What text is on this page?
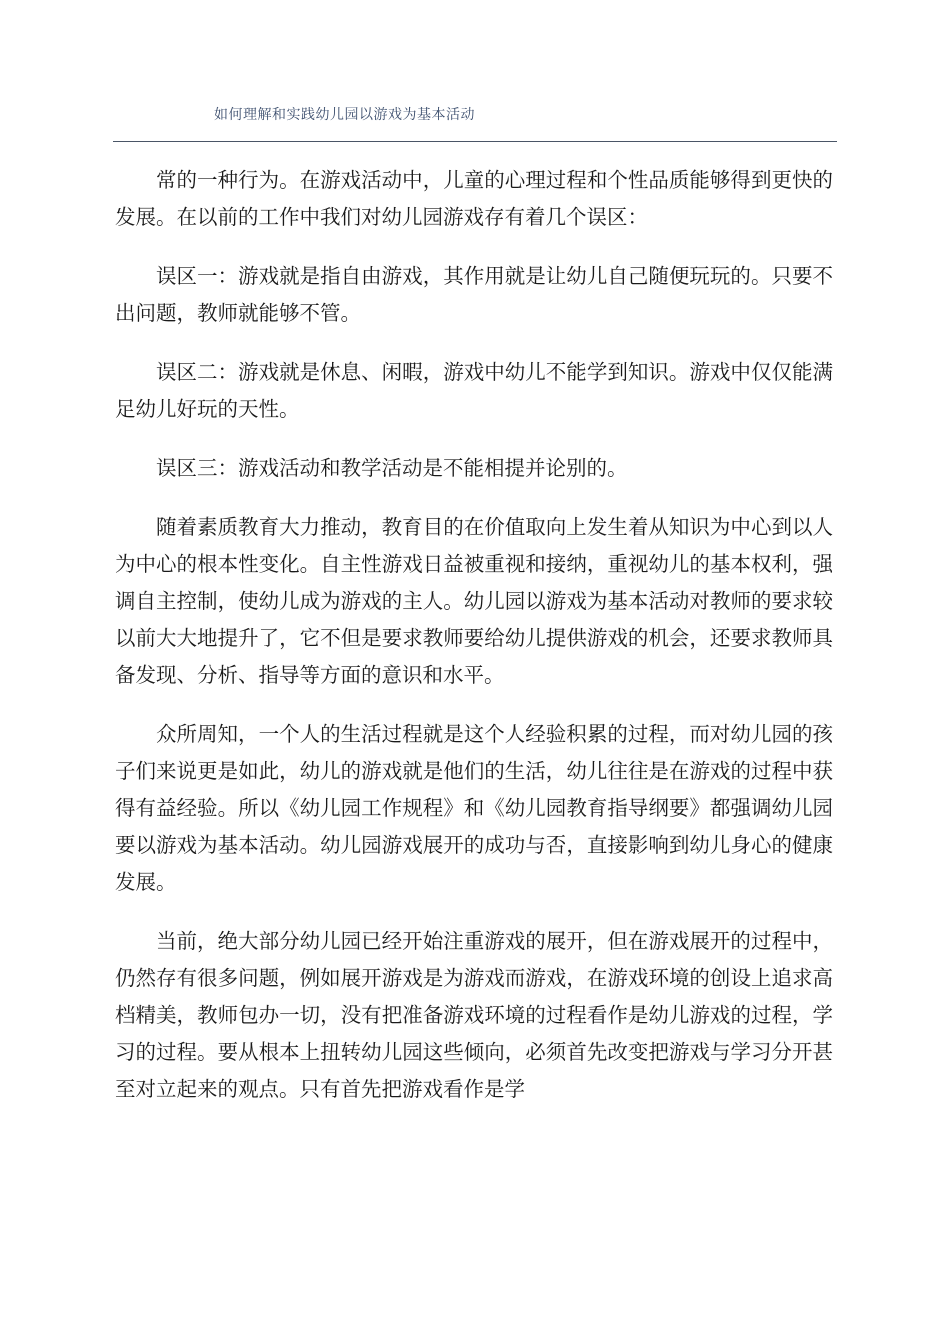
如何理解和实践幼儿园以游戏为基本活动

常的一种行为。在游戏活动中，儿童的心理过程和个性品质能够得到更快的发展。在以前的工作中我们对幼儿园游戏存有着几个误区：

误区一：游戏就是指自由游戏，其作用就是让幼儿自己随便玩玩的。只要不出问题，教师就能够不管。

误区二：游戏就是休息、闲暇，游戏中幼儿不能学到知识。游戏中仅仅能满足幼儿好玩的天性。

误区三：游戏活动和教学活动是不能相提并论别的。

随着素质教育大力推动，教育目的在价值取向上发生着从知识为中心到以人为中心的根本性变化。自主性游戏日益被重视和接纳，重视幼儿的基本权利，强调自主控制，使幼儿成为游戏的主人。幼儿园以游戏为基本活动对教师的要求较以前大大地提升了，它不但是要求教师要给幼儿提供游戏的机会，还要求教师具备发现、分析、指导等方面的意识和水平。

众所周知，一个人的生活过程就是这个人经验积累的过程，而对幼儿园的孩子们来说更是如此，幼儿的游戏就是他们的生活，幼儿往往是在游戏的过程中获得有益经验。所以《幼儿园工作规程》和《幼儿园教育指导纲要》都强调幼儿园要以游戏为基本活动。幼儿园游戏展开的成功与否，直接影响到幼儿身心的健康发展。

当前，绝大部分幼儿园已经开始注重游戏的展开，但在游戏展开的过程中，仍然存有很多问题，例如展开游戏是为游戏而游戏，在游戏环境的创设上追求高档精美，教师包办一切，没有把准备游戏环境的过程看作是幼儿游戏的过程，学习的过程。要从根本上扭转幼儿园这些倾向，必须首先改变把游戏与学习分开甚至对立起来的观点。只有首先把游戏看作是学
